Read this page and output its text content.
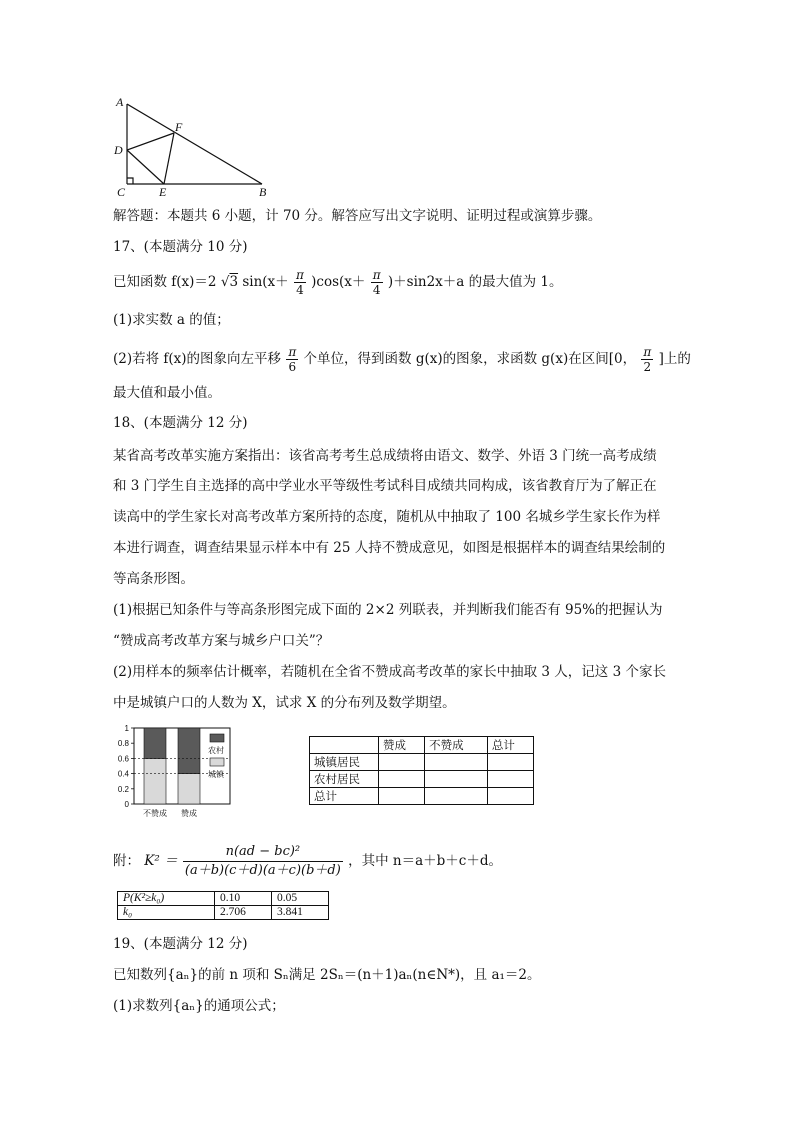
A
F
D
C	E	B
解答题：本题共 6 小题，计 70 分。解答应写出文字说明、证明过程或演算步骤。
17、(本题满分 10 分)
已知函数 f(x)＝2 √3 $\sin(x+ \frac{\pi}{4} )\cos(x+ \frac{\pi}{4} )+\sin 2x+a$ 的最大值为 1。
(1)求实数 a 的值；
(2)若将 f(x)的图象向左平移 $\frac{\pi}{6}$ 个单位，得到函数 g(x)的图象，求函数 g(x)在区间[0， $\frac{\pi}{2}$ ]上的
最大值和最小值。
18、(本题满分 12 分)
某省高考改革实施方案指出：该省高考考生总成绩将由语文、数学、外语 3 门统一高考成绩
和 3 门学生自主选择的高中学业水平等级性考试科目成绩共同构成，该省教育厅为了解正在
读高中的学生家长对高考改革方案所持的态度，随机从中抽取了 100 名城乡学生家长作为样
本进行调查，调查结果显示样本中有 25 人持不赞成意见，如图是根据样本的调查结果绘制的
等高条形图。
(1)根据已知条件与等高条形图完成下面的 2×2 列联表，并判断我们能否有 95%的把握认为
“赞成高考改革方案与城乡户口关”？
(2)用样本的频率估计概率，若随机在全省不赞成高考改革的家长中抽取 3 人，记这 3 个家长
中是城镇户口的人数为 X，试求 X 的分布列及数学期望。
0
0.2
0.4
0.6
0.8
1
不赞成 赞成
农村
城镇
	赞成	不赞成	总计
城镇居民			
农村居民			
总计			
附： $K^2 = \frac{\text{n(ad − bc)²}}{(a+b)(c+d)(a+c)(b+d)}$ ，其中 n＝a＋b＋c＋d。
P(K²≥k₀)	0.10	0.05
k₀	2.706	3.841
19、(本题满分 12 分)
已知数列{aₙ}的前 n 项和 Sₙ满足 2Sₙ＝(n＋1)aₙ(n∈N*)，且 a₁＝2。
(1)求数列{aₙ}的通项公式；
